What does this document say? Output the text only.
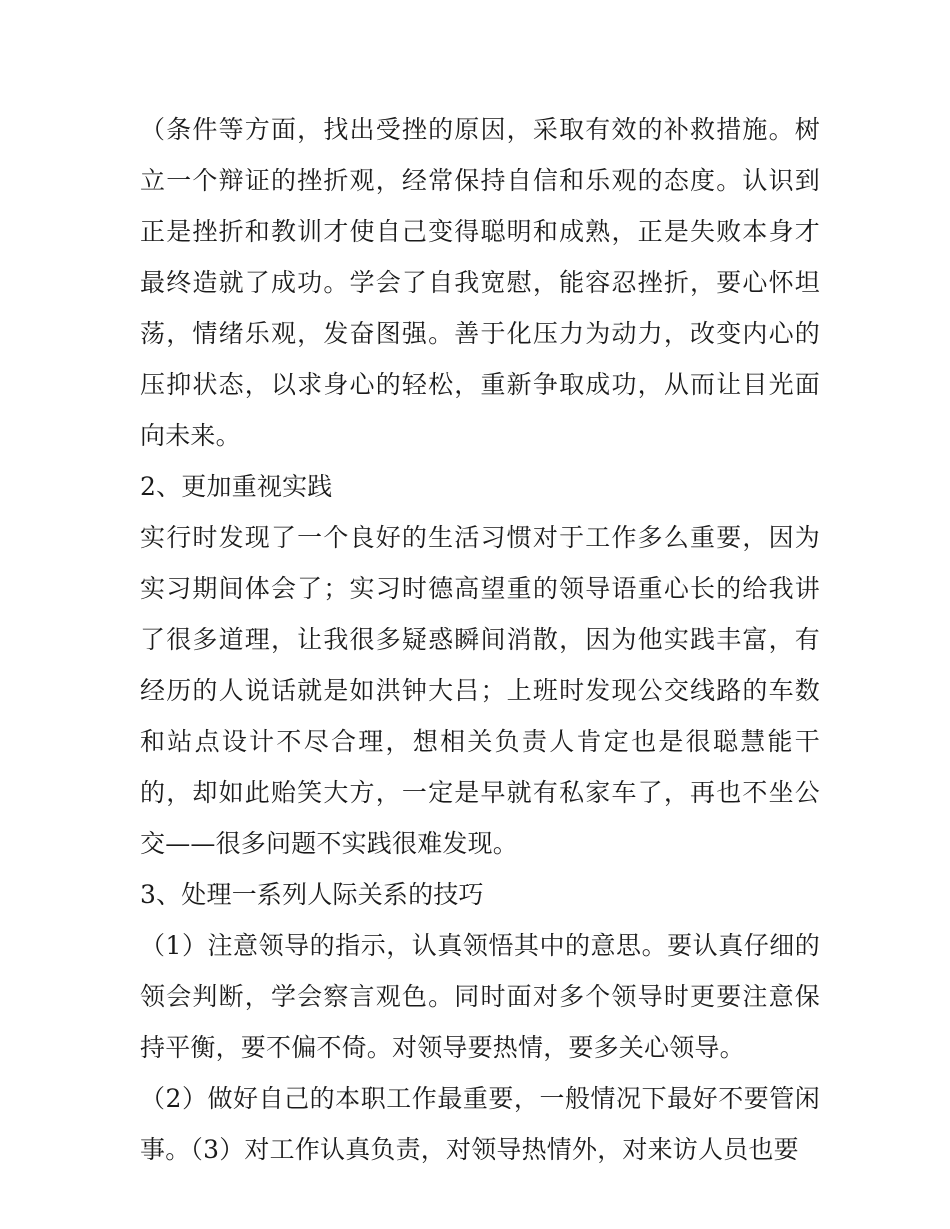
（条件等方面，找出受挫的原因，采取有效的补救措施。树立一个辩证的挫折观，经常保持自信和乐观的态度。认识到正是挫折和教训才使自己变得聪明和成熟，正是失败本身才最终造就了成功。学会了自我宽慰，能容忍挫折，要心怀坦荡，情绪乐观，发奋图强。善于化压力为动力，改变内心的压抑状态，以求身心的轻松，重新争取成功，从而让目光面向未来。

2、更加重视实践

实行时发现了一个良好的生活习惯对于工作多么重要，因为实习期间体会了；实习时德高望重的领导语重心长的给我讲了很多道理，让我很多疑惑瞬间消散，因为他实践丰富，有经历的人说话就是如洪钟大吕；上班时发现公交线路的车数和站点设计不尽合理，想相关负责人肯定也是很聪慧能干的，却如此贻笑大方，一定是早就有私家车了，再也不坐公交——很多问题不实践很难发现。

3、处理一系列人际关系的技巧

（1）注意领导的指示，认真领悟其中的意思。要认真仔细的领会判断，学会察言观色。同时面对多个领导时更要注意保持平衡，要不偏不倚。对领导要热情，要多关心领导。

（2）做好自己的本职工作最重要，一般情况下最好不要管闲事。（3）对工作认真负责，对领导热情外，对来访人员也要
